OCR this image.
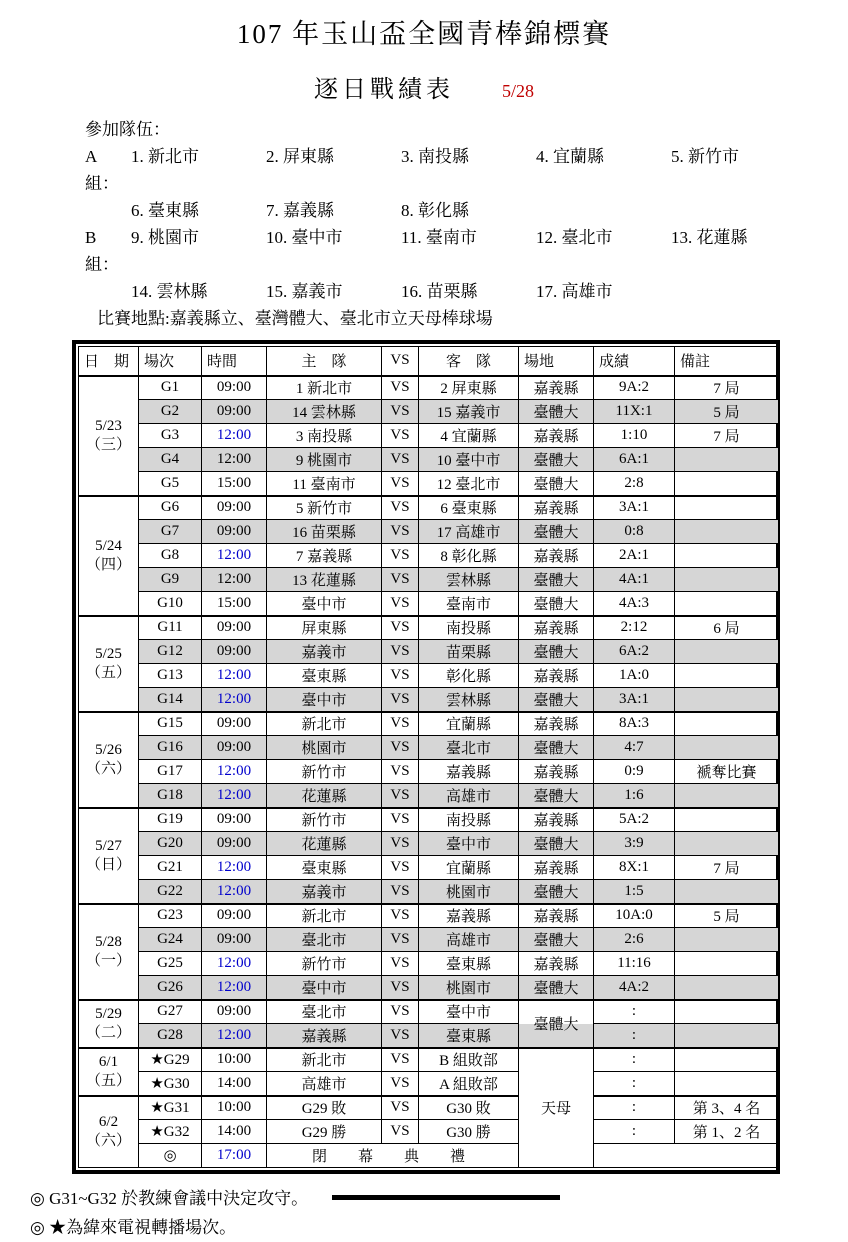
107 年玉山盃全國青棒錦標賽
逐日戰績表	5/28
參加隊伍：
A 組：
1. 新北市	2. 屏東縣	3. 南投縣	4. 宜蘭縣	5. 新竹市
6. 臺東縣	7. 嘉義縣	8. 彰化縣
B 組：
9. 桃園市	10. 臺中市	11. 臺南市	12. 臺北市	13. 花蓮縣
14. 雲林縣	15. 嘉義市	16. 苗栗縣	17. 高雄市
比賽地點:嘉義縣立、臺灣體大、臺北市立天母棒球場
日　期	場次	時間	主　隊	VS	客　隊	場地	成績	備註
5/23
（三）	G1	09:00	1 新北市	VS	2 屏東縣	嘉義縣	9A:2	7 局
	G2	09:00	14 雲林縣	VS	15 嘉義市	臺體大	11X:1	5 局
	G3	12:00	3 南投縣	VS	4 宜蘭縣	嘉義縣	1:10	7 局
	G4	12:00	9 桃園市	VS	10 臺中市	臺體大	6A:1	
	G5	15:00	11 臺南市	VS	12 臺北市	臺體大	2:8	
5/24
（四）	G6	09:00	5 新竹市	VS	6 臺東縣	嘉義縣	3A:1	
	G7	09:00	16 苗栗縣	VS	17 高雄市	臺體大	0:8	
	G8	12:00	7 嘉義縣	VS	8 彰化縣	嘉義縣	2A:1	
	G9	12:00	13 花蓮縣	VS	雲林縣	臺體大	4A:1	
	G10	15:00	臺中市	VS	臺南市	臺體大	4A:3	
5/25
（五）	G11	09:00	屏東縣	VS	南投縣	嘉義縣	2:12	6 局
	G12	09:00	嘉義市	VS	苗栗縣	臺體大	6A:2	
	G13	12:00	臺東縣	VS	彰化縣	嘉義縣	1A:0	
	G14	12:00	臺中市	VS	雲林縣	臺體大	3A:1	
5/26
（六）	G15	09:00	新北市	VS	宜蘭縣	嘉義縣	8A:3	
	G16	09:00	桃園市	VS	臺北市	臺體大	4:7	
	G17	12:00	新竹市	VS	嘉義縣	嘉義縣	0:9	褫奪比賽
	G18	12:00	花蓮縣	VS	高雄市	臺體大	1:6	
5/27
（日）	G19	09:00	新竹市	VS	南投縣	嘉義縣	5A:2	
	G20	09:00	花蓮縣	VS	臺中市	臺體大	3:9	
	G21	12:00	臺東縣	VS	宜蘭縣	嘉義縣	8X:1	7 局
	G22	12:00	嘉義市	VS	桃園市	臺體大	1:5	
5/28
（一）	G23	09:00	新北市	VS	嘉義縣	嘉義縣	10A:0	5 局
	G24	09:00	臺北市	VS	高雄市	臺體大	2:6	
	G25	12:00	新竹市	VS	臺東縣	嘉義縣	11:16	
	G26	12:00	臺中市	VS	桃園市	臺體大	4A:2	
5/29
（二）	G27	09:00	臺北市	VS	臺中市	臺體大	:	
	G28	12:00	嘉義縣	VS	臺東縣		:	
6/1
（五）	★G29	10:00	新北市	VS	B 組敗部	天母	:	
	★G30	14:00	高雄市	VS	A 組敗部		:	
6/2
（六）	★G31	10:00	G29 敗	VS	G30 敗		:	第 3、4 名
	★G32	14:00	G29 勝	VS	G30 勝		:	第 1、2 名
	◎	17:00	閉　幕　典　禮					
◎ G31~G32 於教練會議中決定攻守。
◎ ★為緯來電視轉播場次。
